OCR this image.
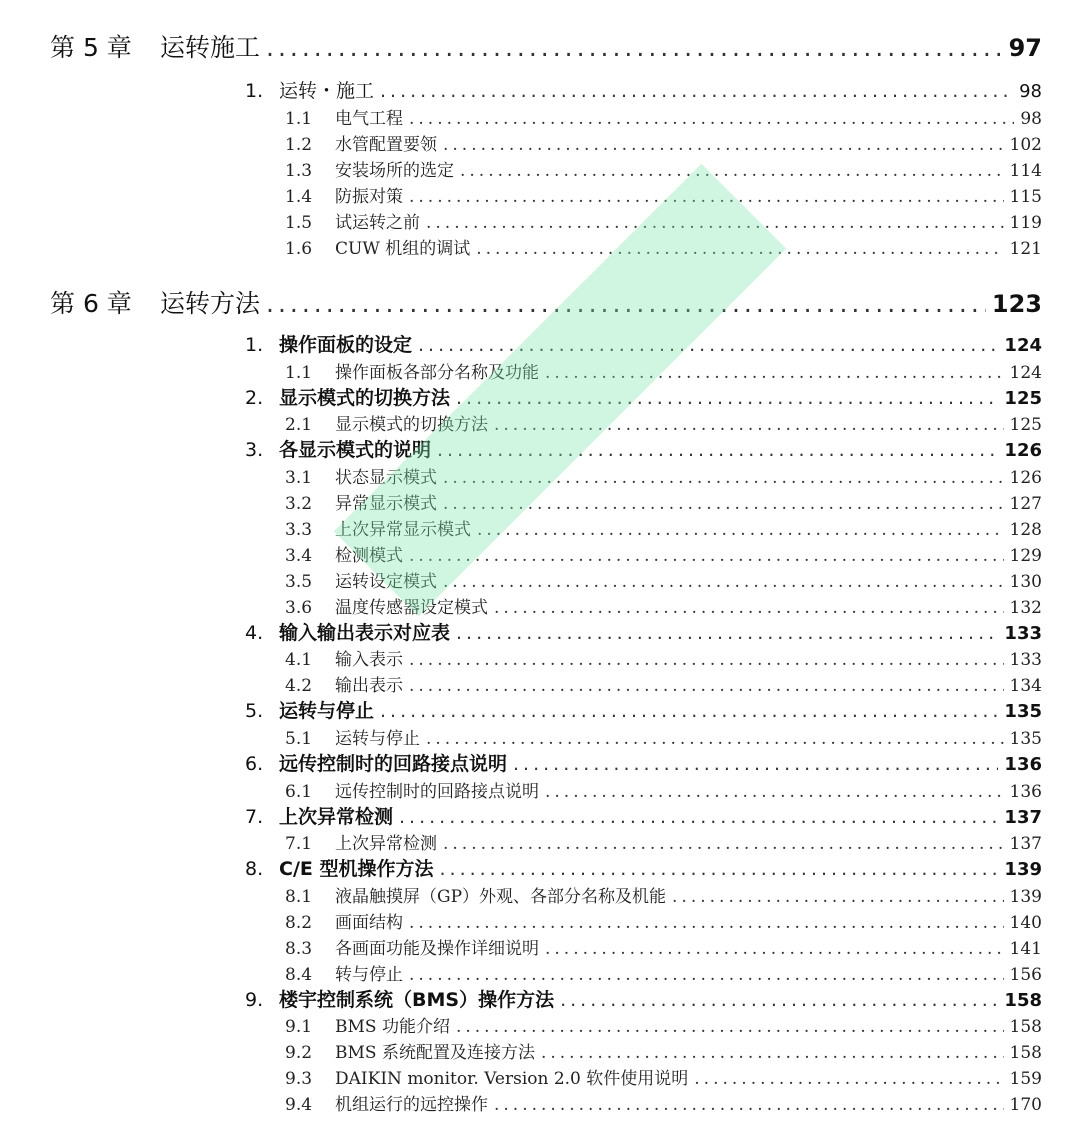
第 5 章	运转施工 .....	97
1. 运转・施工 .....	98
1.1	电气工程 .....	98
1.2	水管配置要领 .....	102
1.3	安装场所的选定 .....	114
1.4	防振对策 .....	115
1.5	试运转之前 .....	119
1.6	CUW 机组的调试 .....	121
第 6 章	运转方法 .....	123
1. 操作面板的设定 .....	124
1.1	操作面板各部分名称及功能 .....	124
2. 显示模式的切换方法 .....	125
2.1	显示模式的切换方法 .....	125
3. 各显示模式的说明 .....	126
3.1	状态显示模式 .....	126
3.2	异常显示模式 .....	127
3.3	上次异常显示模式 .....	128
3.4	检测模式 .....	129
3.5	运转设定模式 .....	130
3.6	温度传感器设定模式 .....	132
4. 输入输出表示对应表 .....	133
4.1	输入表示 .....	133
4.2	输出表示 .....	134
5. 运转与停止 .....	135
5.1	运转与停止 .....	135
6. 远传控制时的回路接点说明 .....	136
6.1	远传控制时的回路接点说明 .....	136
7. 上次异常检测 .....	137
7.1	上次异常检测 .....	137
8. C/E 型机操作方法 .....	139
8.1	液晶触摸屏（GP）外观、各部分名称及机能 .....	139
8.2	画面结构 .....	140
8.3	各画面功能及操作详细说明 .....	141
8.4	转与停止 .....	156
9. 楼宇控制系统（BMS）操作方法 .....	158
9.1	BMS 功能介绍 .....	158
9.2	BMS 系统配置及连接方法 .....	158
9.3	DAIKIN monitor. Version 2.0 软件使用说明 .....	159
9.4	机组运行的远控操作 .....	170
